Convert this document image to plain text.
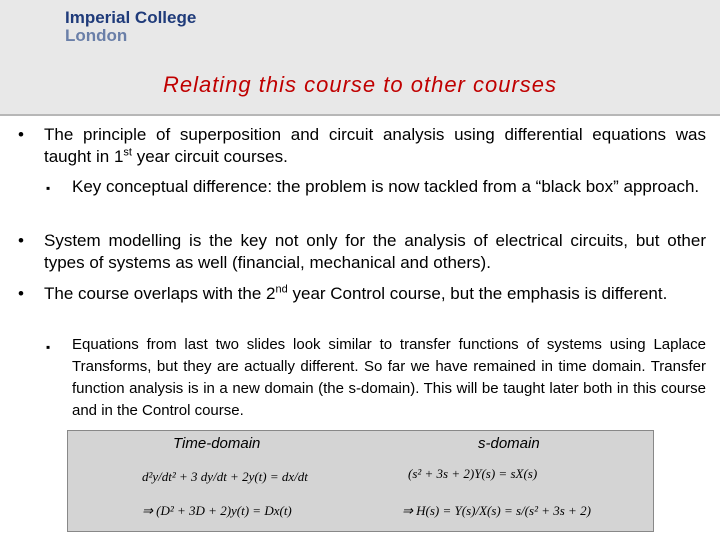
Imperial College
London
Relating this course to other courses
• The principle of superposition and circuit analysis using differential equations was taught in 1st year circuit courses.
▪ Key conceptual difference: the problem is now tackled from a “black box” approach.
• System modelling is the key not only for the analysis of electrical circuits, but other types of systems as well (financial, mechanical and others).
• The course overlaps with the 2nd year Control course, but the emphasis is different.
▪ Equations from last two slides look similar to transfer functions of systems using Laplace Transforms, but they are actually different. So far we have remained in time domain. Transfer function analysis is in a new domain (the s-domain). This will be taught later both in this course and in the Control course.
Time-domain	s-domain
d²y/dt² + 3 dy/dt + 2y(t) = dx/dt
⇒ (D² + 3D + 2)y(t) = Dx(t)
(s² + 3s + 2)Y(s) = sX(s)
⇒ H(s) = Y(s)/X(s) = s/(s² + 3s + 2)
